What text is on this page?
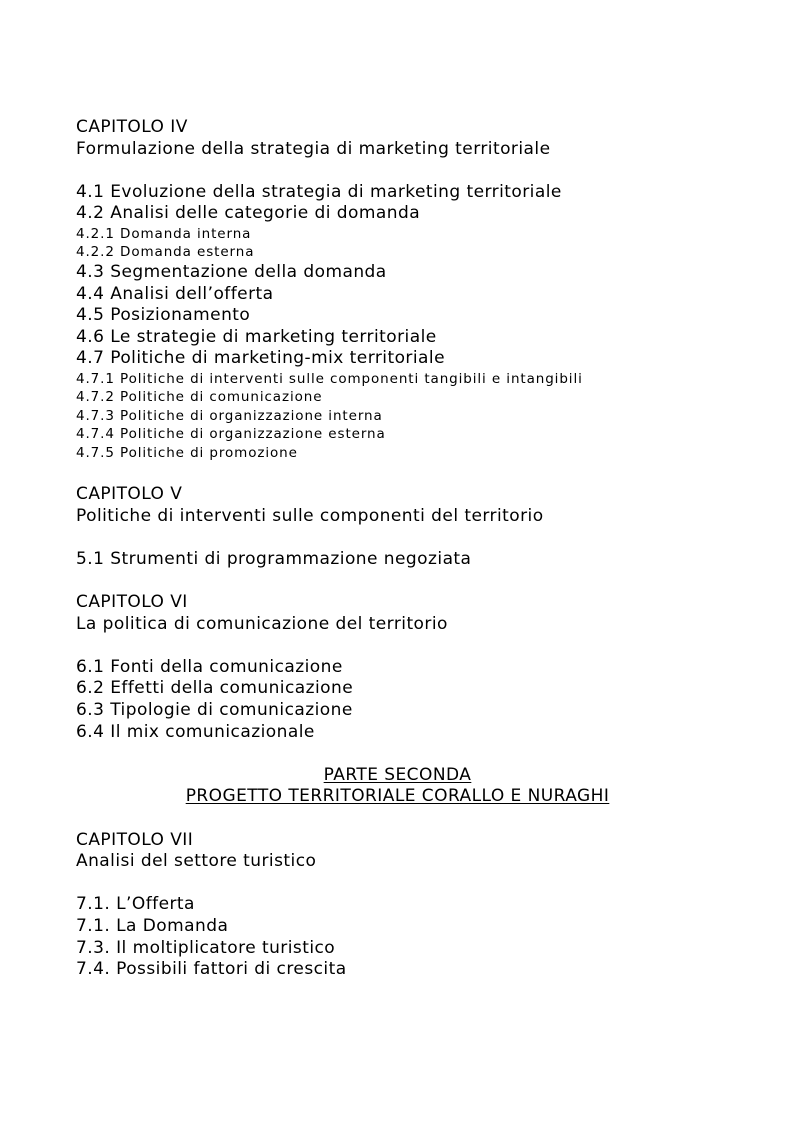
CAPITOLO IV
Formulazione della strategia di marketing territoriale
4.1 Evoluzione della strategia di marketing territoriale
4.2 Analisi delle categorie di domanda
4.2.1 Domanda interna
4.2.2 Domanda esterna
4.3 Segmentazione della domanda
4.4 Analisi dell’offerta
4.5 Posizionamento
4.6 Le strategie di marketing territoriale
4.7 Politiche di marketing-mix territoriale
4.7.1 Politiche di interventi sulle componenti tangibili e intangibili
4.7.2 Politiche di comunicazione
4.7.3 Politiche di organizzazione interna
4.7.4 Politiche di organizzazione esterna
4.7.5 Politiche di promozione
CAPITOLO V
Politiche di interventi sulle componenti del territorio
5.1 Strumenti di programmazione negoziata
CAPITOLO VI
La politica di comunicazione del territorio
6.1 Fonti della comunicazione
6.2 Effetti della comunicazione
6.3 Tipologie di comunicazione
6.4 Il mix comunicazionale
PARTE SECONDA
PROGETTO TERRITORIALE CORALLO E NURAGHI
CAPITOLO VII
Analisi del settore turistico
7.1. L’Offerta
7.1. La Domanda
7.3. Il moltiplicatore turistico
7.4. Possibili fattori di crescita
